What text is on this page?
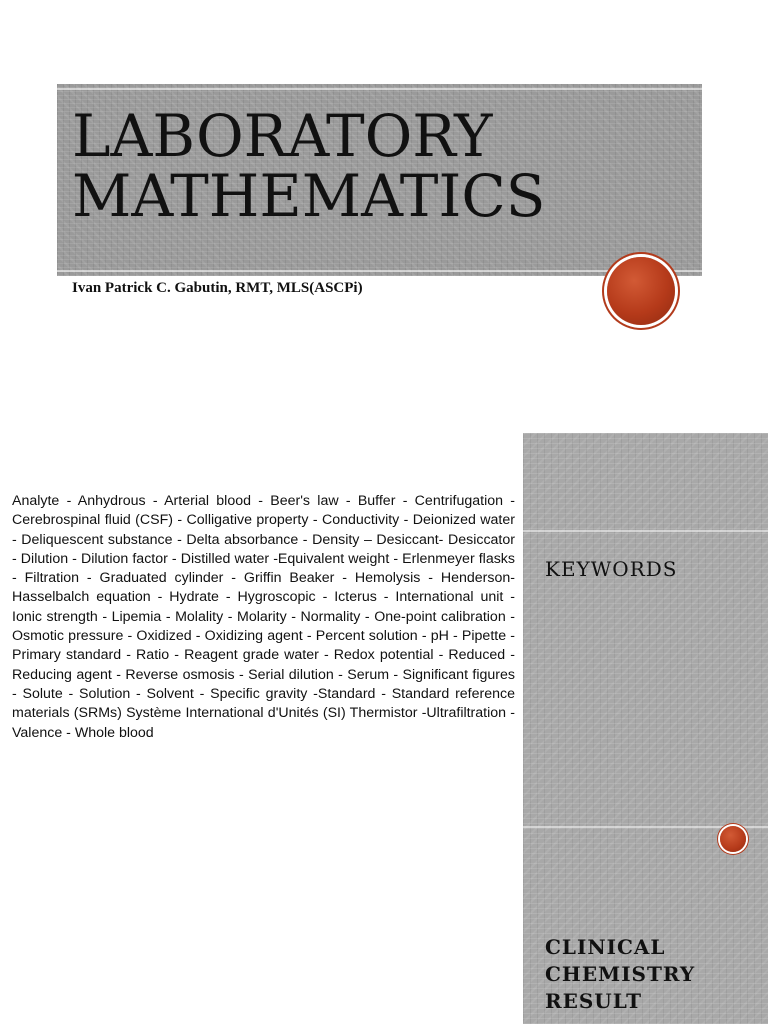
LABORATORY
MATHEMATICS
Ivan Patrick C. Gabutin, RMT, MLS(ASCPi)
KEYWORDS

Analyte - Anhydrous - Arterial blood - Beer's law - Buffer - Centrifugation - Cerebrospinal fluid (CSF) - Colligative property - Conductivity - Deionized water - Deliquescent substance - Delta absorbance - Density – Desiccant- Desiccator - Dilution - Dilution factor - Distilled water -Equivalent weight - Erlenmeyer flasks - Filtration - Graduated cylinder - Griffin Beaker - Hemolysis - Henderson-Hasselbalch equation - Hydrate - Hygroscopic - Icterus - International unit - Ionic strength - Lipemia - Molality - Molarity - Normality - One-point calibration - Osmotic pressure - Oxidized - Oxidizing agent - Percent solution - pH - Pipette - Primary standard - Ratio - Reagent grade water - Redox potential - Reduced - Reducing agent - Reverse osmosis - Serial dilution - Serum - Significant figures - Solute - Solution - Solvent - Specific gravity -Standard - Standard reference materials (SRMs) Système International d'Unités (SI) Thermistor -Ultrafiltration - Valence - Whole blood

CLINICAL
CHEMISTRY
RESULT
